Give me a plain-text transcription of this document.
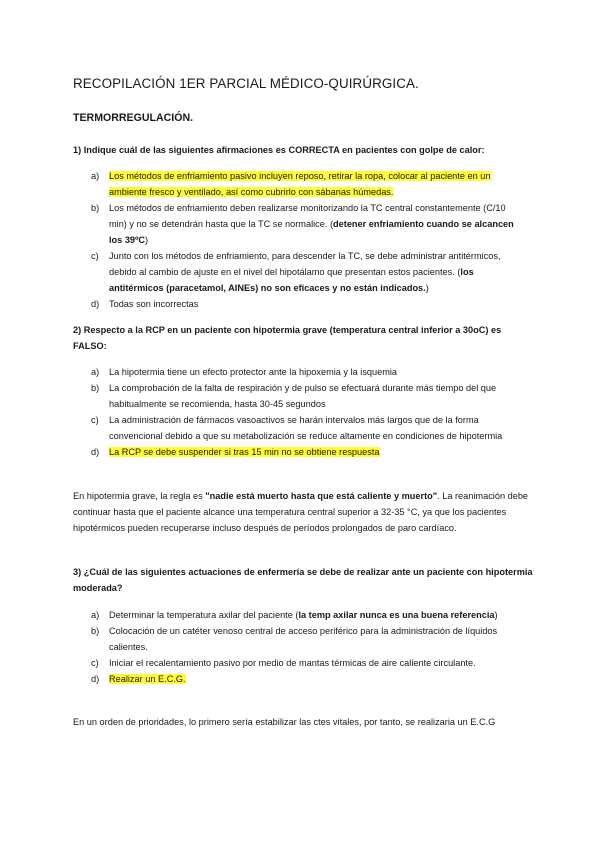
RECOPILACIÓN 1ER PARCIAL MÉDICO-QUIRÚRGICA.
TERMORREGULACIÓN.

1) Indique cuál de las siguientes afirmaciones es CORRECTA en pacientes con golpe de calor:

a) Los métodos de enfriamiento pasivo incluyen reposo, retirar la ropa, colocar al paciente en un ambiente fresco y ventilado, así como cubrirlo con sábanas húmedas.
b) Los métodos de enfriamiento deben realizarse monitorizando la TC central constantemente (C/10 min) y no se detendrán hasta que la TC se normalice. (detener enfriamiento cuando se alcancen los 39ºC)
c) Junto con los métodos de enfriamiento, para descender la TC, se debe administrar antitérmicos, debido al cambio de ajuste en el nivel del hipotálamo que presentan estos pacientes. (los antitérmicos (paracetamol, AINEs) no son eficaces y no están indicados.)
d) Todas son incorrectas

2) Respecto a la RCP en un paciente con hipotermia grave (temperatura central inferior a 30oC) es FALSO:

a) La hipotermia tiene un efecto protector ante la hipoxemia y la isquemia
b) La comprobación de la falta de respiración y de pulso se efectuará durante más tiempo del que habitualmente se recomienda, hasta 30-45 segundos
c) La administración de fármacos vasoactivos se harán intervalos más largos que de la forma convencional debido a que su metabolización se reduce altamente en condiciones de hipotermia
d) La RCP se debe suspender si tras 15 min no se obtiene respuesta

En hipotermia grave, la regla es "nadie está muerto hasta que está caliente y muerto". La reanimación debe continuar hasta que el paciente alcance una temperatura central superior a 32-35 °C, ya que los pacientes hipotérmicos pueden recuperarse incluso después de períodos prolongados de paro cardíaco.

3) ¿Cuál de las siguientes actuaciones de enfermería se debe de realizar ante un paciente con hipotermia moderada?

a) Determinar la temperatura axilar del paciente (la temp axilar nunca es una buena referencia)
b) Colocación de un catéter venoso central de acceso periférico para la administración de líquidos calientes.
c) Iniciar el recalentamiento pasivo por medio de mantas térmicas de aire caliente circulante.
d) Realizar un E.C.G.

En un orden de prioridades, lo primero sería estabilizar las ctes vitales, por tanto, se realizaria un E.C.G
